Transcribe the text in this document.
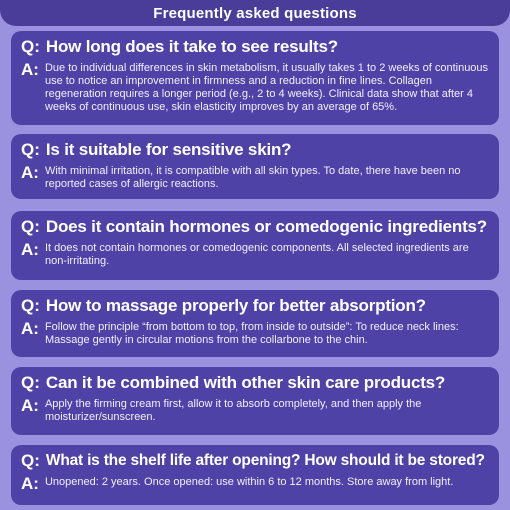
Frequently asked questions
Q: How long does it take to see results?
A: Due to individual differences in skin metabolism, it usually takes 1 to 2 weeks of continuous use to notice an improvement in firmness and a reduction in fine lines. Collagen regeneration requires a longer period (e.g., 2 to 4 weeks). Clinical data show that after 4 weeks of continuous use, skin elasticity improves by an average of 65%.
Q: Is it suitable for sensitive skin?
A: With minimal irritation, it is compatible with all skin types. To date, there have been no reported cases of allergic reactions.
Q: Does it contain hormones or comedogenic ingredients?
A: It does not contain hormones or comedogenic components. All selected ingredients are non-irritating.
Q: How to massage properly for better absorption?
A: Follow the principle “from bottom to top, from inside to outside”: To reduce neck lines: Massage gently in circular motions from the collarbone to the chin.
Q: Can it be combined with other skin care products?
A: Apply the firming cream first, allow it to absorb completely, and then apply the moisturizer/sunscreen.
Q: What is the shelf life after opening? How should it be stored?
A: Unopened: 2 years. Once opened: use within 6 to 12 months. Store away from light.
